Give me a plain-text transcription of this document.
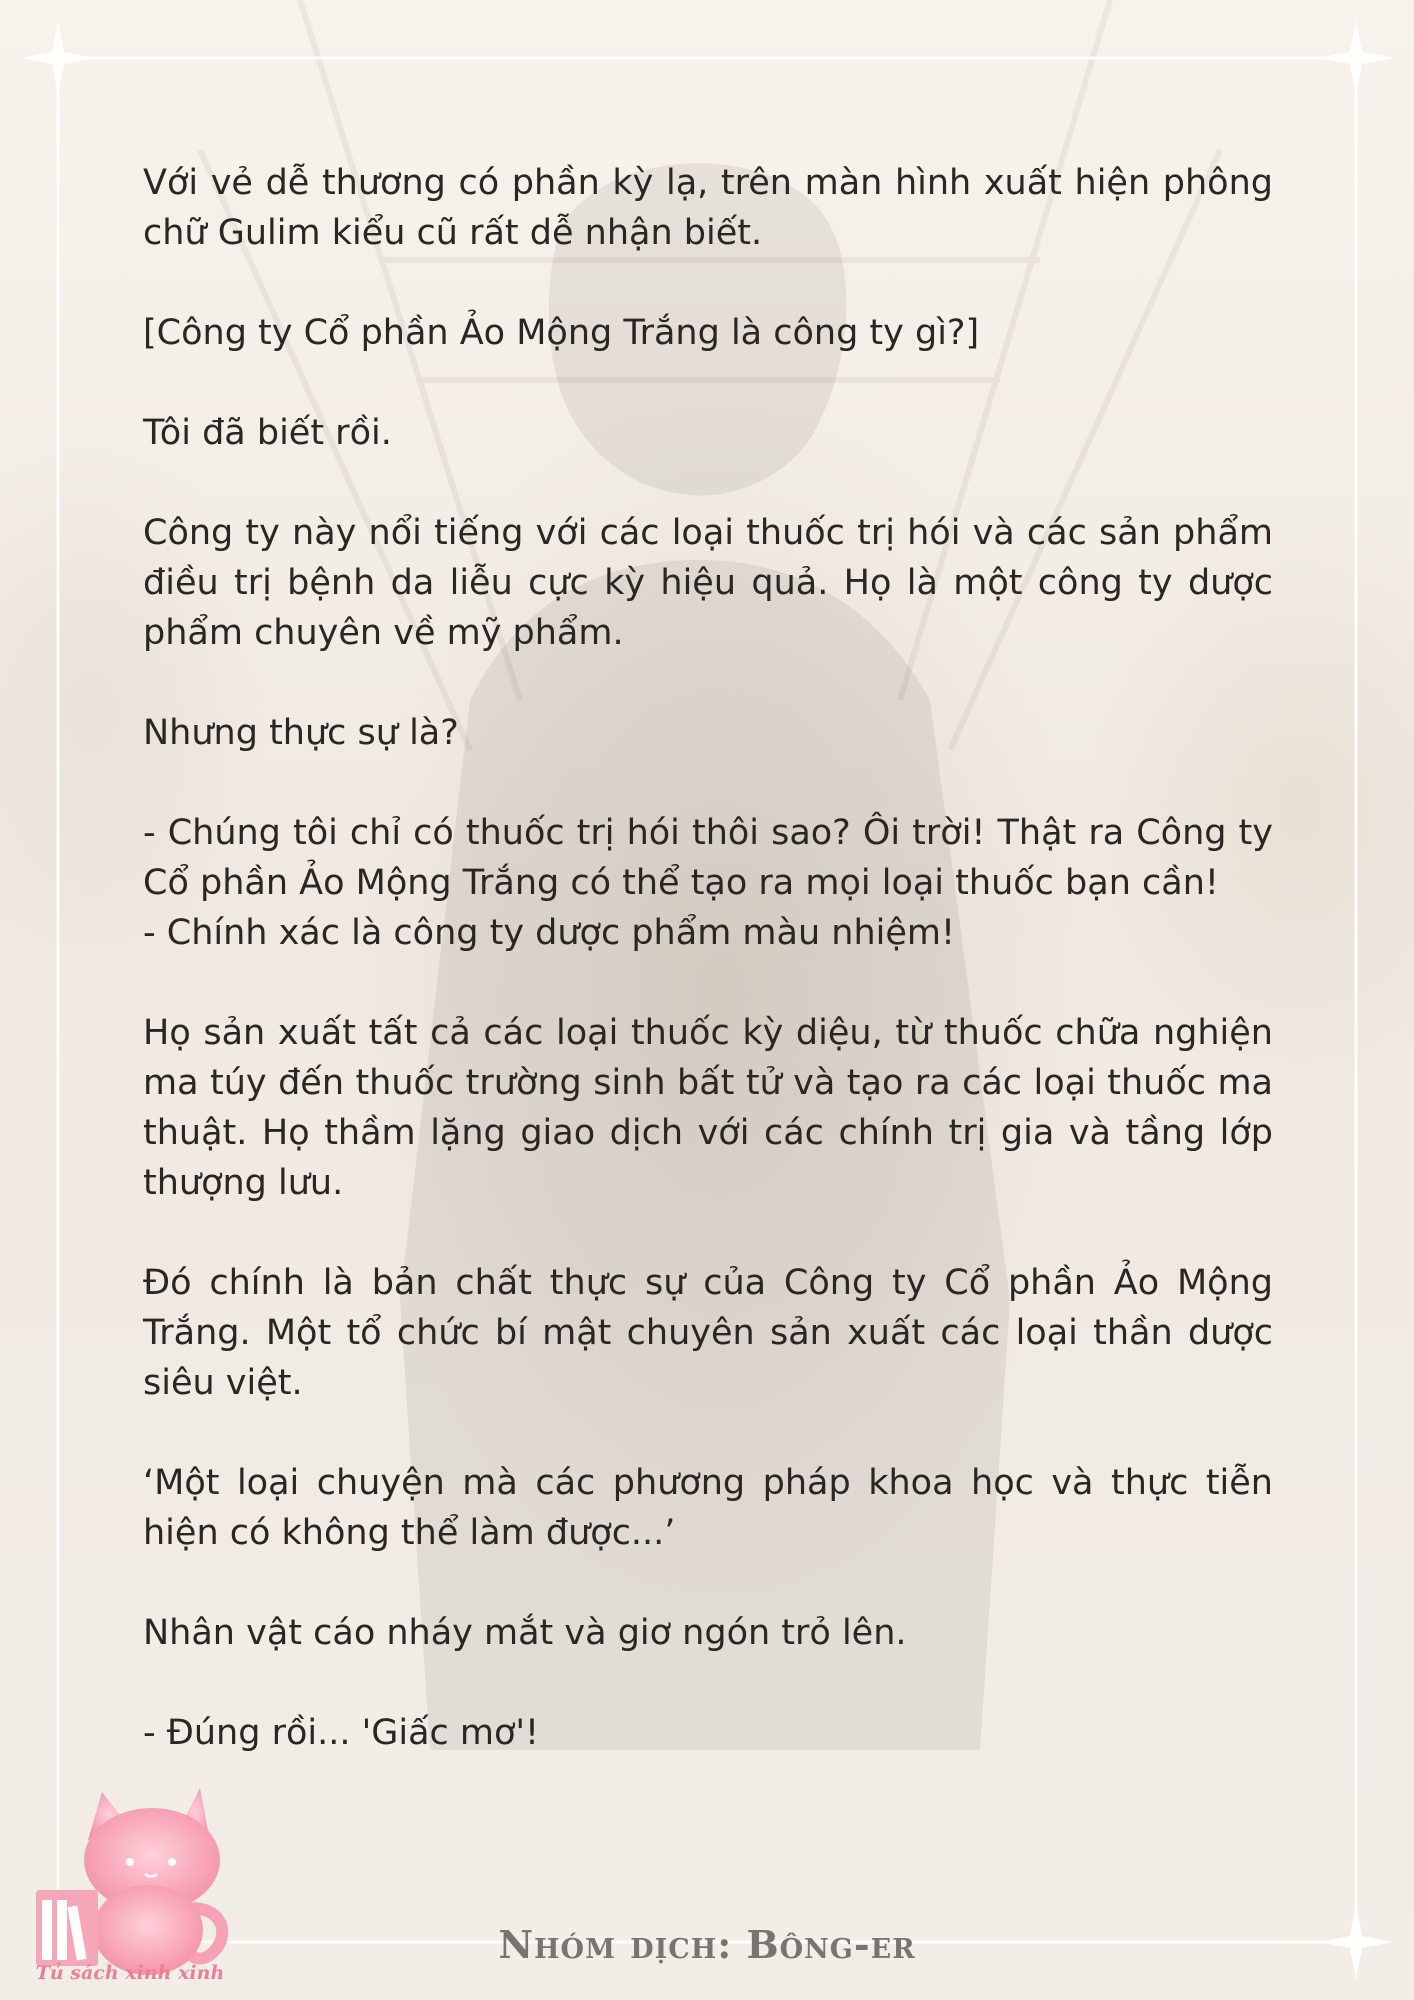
Với vẻ dễ thương có phần kỳ lạ, trên màn hình xuất hiện phông chữ Gulim kiểu cũ rất dễ nhận biết.

[Công ty Cổ phần Ảo Mộng Trắng là công ty gì?]

Tôi đã biết rồi.

Công ty này nổi tiếng với các loại thuốc trị hói và các sản phẩm điều trị bệnh da liễu cực kỳ hiệu quả. Họ là một công ty dược phẩm chuyên về mỹ phẩm.

Nhưng thực sự là?

- Chúng tôi chỉ có thuốc trị hói thôi sao? Ôi trời! Thật ra Công ty Cổ phần Ảo Mộng Trắng có thể tạo ra mọi loại thuốc bạn cần!
- Chính xác là công ty dược phẩm màu nhiệm!

Họ sản xuất tất cả các loại thuốc kỳ diệu, từ thuốc chữa nghiện ma túy đến thuốc trường sinh bất tử và tạo ra các loại thuốc ma thuật. Họ thầm lặng giao dịch với các chính trị gia và tầng lớp thượng lưu.

Đó chính là bản chất thực sự của Công ty Cổ phần Ảo Mộng Trắng. Một tổ chức bí mật chuyên sản xuất các loại thần dược siêu việt.

‘Một loại chuyện mà các phương pháp khoa học và thực tiễn hiện có không thể làm được...’

Nhân vật cáo nháy mắt và giơ ngón trỏ lên.

- Đúng rồi... 'Giấc mơ'!

Tủ sách xinh xinh
Nhóm dịch: Bông-er
